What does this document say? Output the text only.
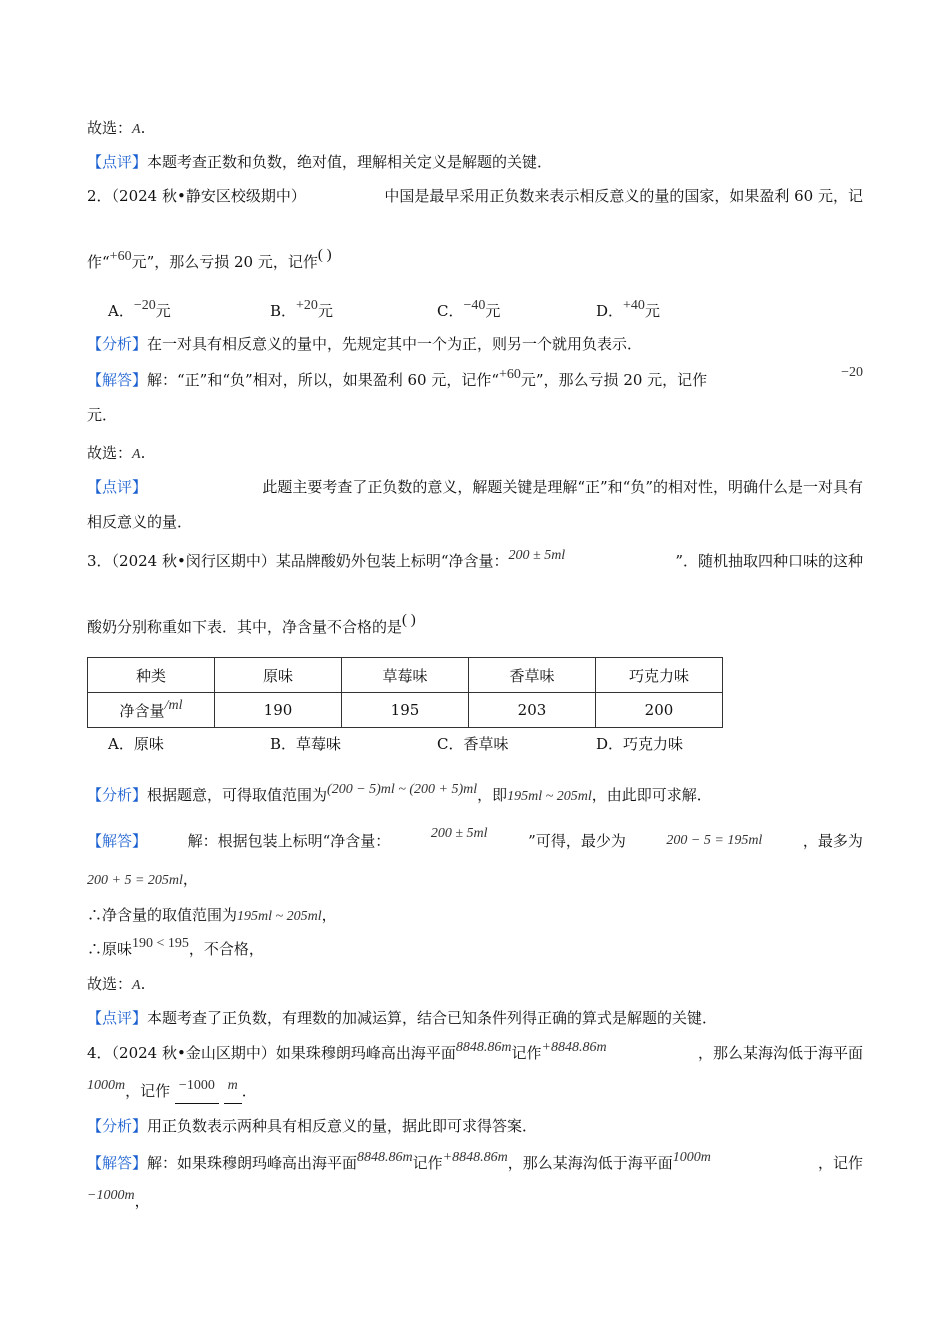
故选：A.
【点评】本题考查正数和负数，绝对值，理解相关定义是解题的关键．
2．（2024 秋•静安区校级期中）	中国是最早采用正负数来表示相反意义的量的国家，如果盈利 60 元，记
作“+60元”，那么亏损 20 元，记作( )
A．−20元	B．+20元	C．−40元	D．+40元
【分析】在一对具有相反意义的量中，先规定其中一个为正，则另一个就用负表示．
【解答】解：“正”和“负”相对，所以，如果盈利 60 元，记作“+60元”，那么亏损 20 元，记作	−20
元．
故选：A.
【点评】	此题主要考查了正负数的意义，解题关键是理解“正”和“负”的相对性，明确什么是一对具有
相反意义的量．
3．（2024 秋•闵行区期中）某品牌酸奶外包装上标明“净含量：200 ± 5ml	”．随机抽取四种口味的这种
酸奶分别称重如下表．其中，净含量不合格的是( )
种类	原味	草莓味	香草味	巧克力味
净含量/ml	190	195	203	200
A．原味	B．草莓味	C．香草味	D．巧克力味
【分析】根据题意，可得取值范围为(200 − 5)ml ~ (200 + 5)ml，即195ml ~ 205ml，由此即可求解．
【解答】	解：根据包装上标明“净含量：	200 ± 5ml	”可得，最少为	200 − 5 = 195ml	，最多为
200 + 5 = 205ml，
∴净含量的取值范围为195ml ~ 205ml，
∴原味190 < 195，不合格，
故选：A.
【点评】本题考查了正负数，有理数的加减运算，结合已知条件列得正确的算式是解题的关键．
4．（2024 秋•金山区期中）如果珠穆朗玛峰高出海平面8848.86m记作+8848.86m	，那么某海沟低于海平面
1000m，记作 −1000 m ．
【分析】用正负数表示两种具有相反意义的量，据此即可求得答案．
【解答】解：如果珠穆朗玛峰高出海平面8848.86m记作+8848.86m，那么某海沟低于海平面1000m	，记作
−1000m，
